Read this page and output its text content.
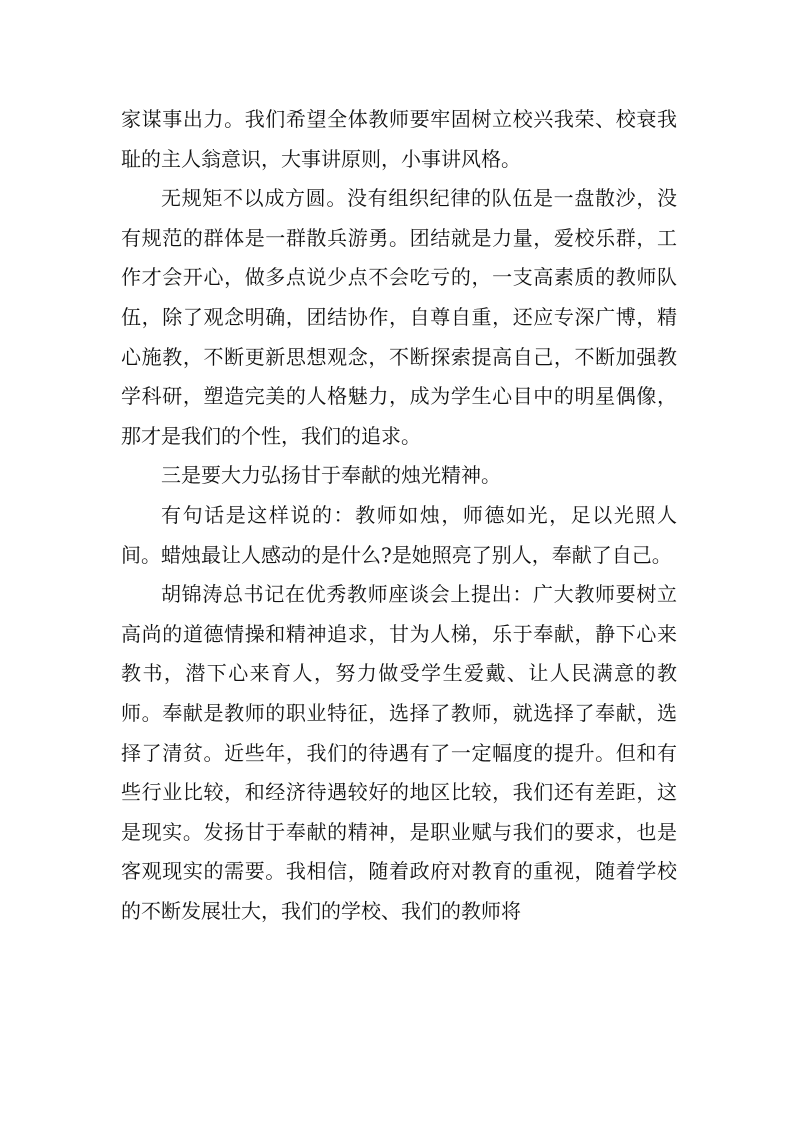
家谋事出力。我们希望全体教师要牢固树立校兴我荣、校衰我耻的主人翁意识，大事讲原则，小事讲风格。

无规矩不以成方圆。没有组织纪律的队伍是一盘散沙，没有规范的群体是一群散兵游勇。团结就是力量，爱校乐群，工作才会开心，做多点说少点不会吃亏的，一支高素质的教师队伍，除了观念明确，团结协作，自尊自重，还应专深广博，精心施教，不断更新思想观念，不断探索提高自己，不断加强教学科研，塑造完美的人格魅力，成为学生心目中的明星偶像，那才是我们的个性，我们的追求。

三是要大力弘扬甘于奉献的烛光精神。

有句话是这样说的：教师如烛，师德如光，足以光照人间。蜡烛最让人感动的是什么?是她照亮了别人，奉献了自己。

胡锦涛总书记在优秀教师座谈会上提出：广大教师要树立高尚的道德情操和精神追求，甘为人梯，乐于奉献，静下心来教书，潜下心来育人，努力做受学生爱戴、让人民满意的教师。奉献是教师的职业特征，选择了教师，就选择了奉献，选择了清贫。近些年，我们的待遇有了一定幅度的提升。但和有些行业比较，和经济待遇较好的地区比较，我们还有差距，这是现实。发扬甘于奉献的精神，是职业赋与我们的要求，也是客观现实的需要。我相信，随着政府对教育的重视，随着学校的不断发展壮大，我们的学校、我们的教师将
